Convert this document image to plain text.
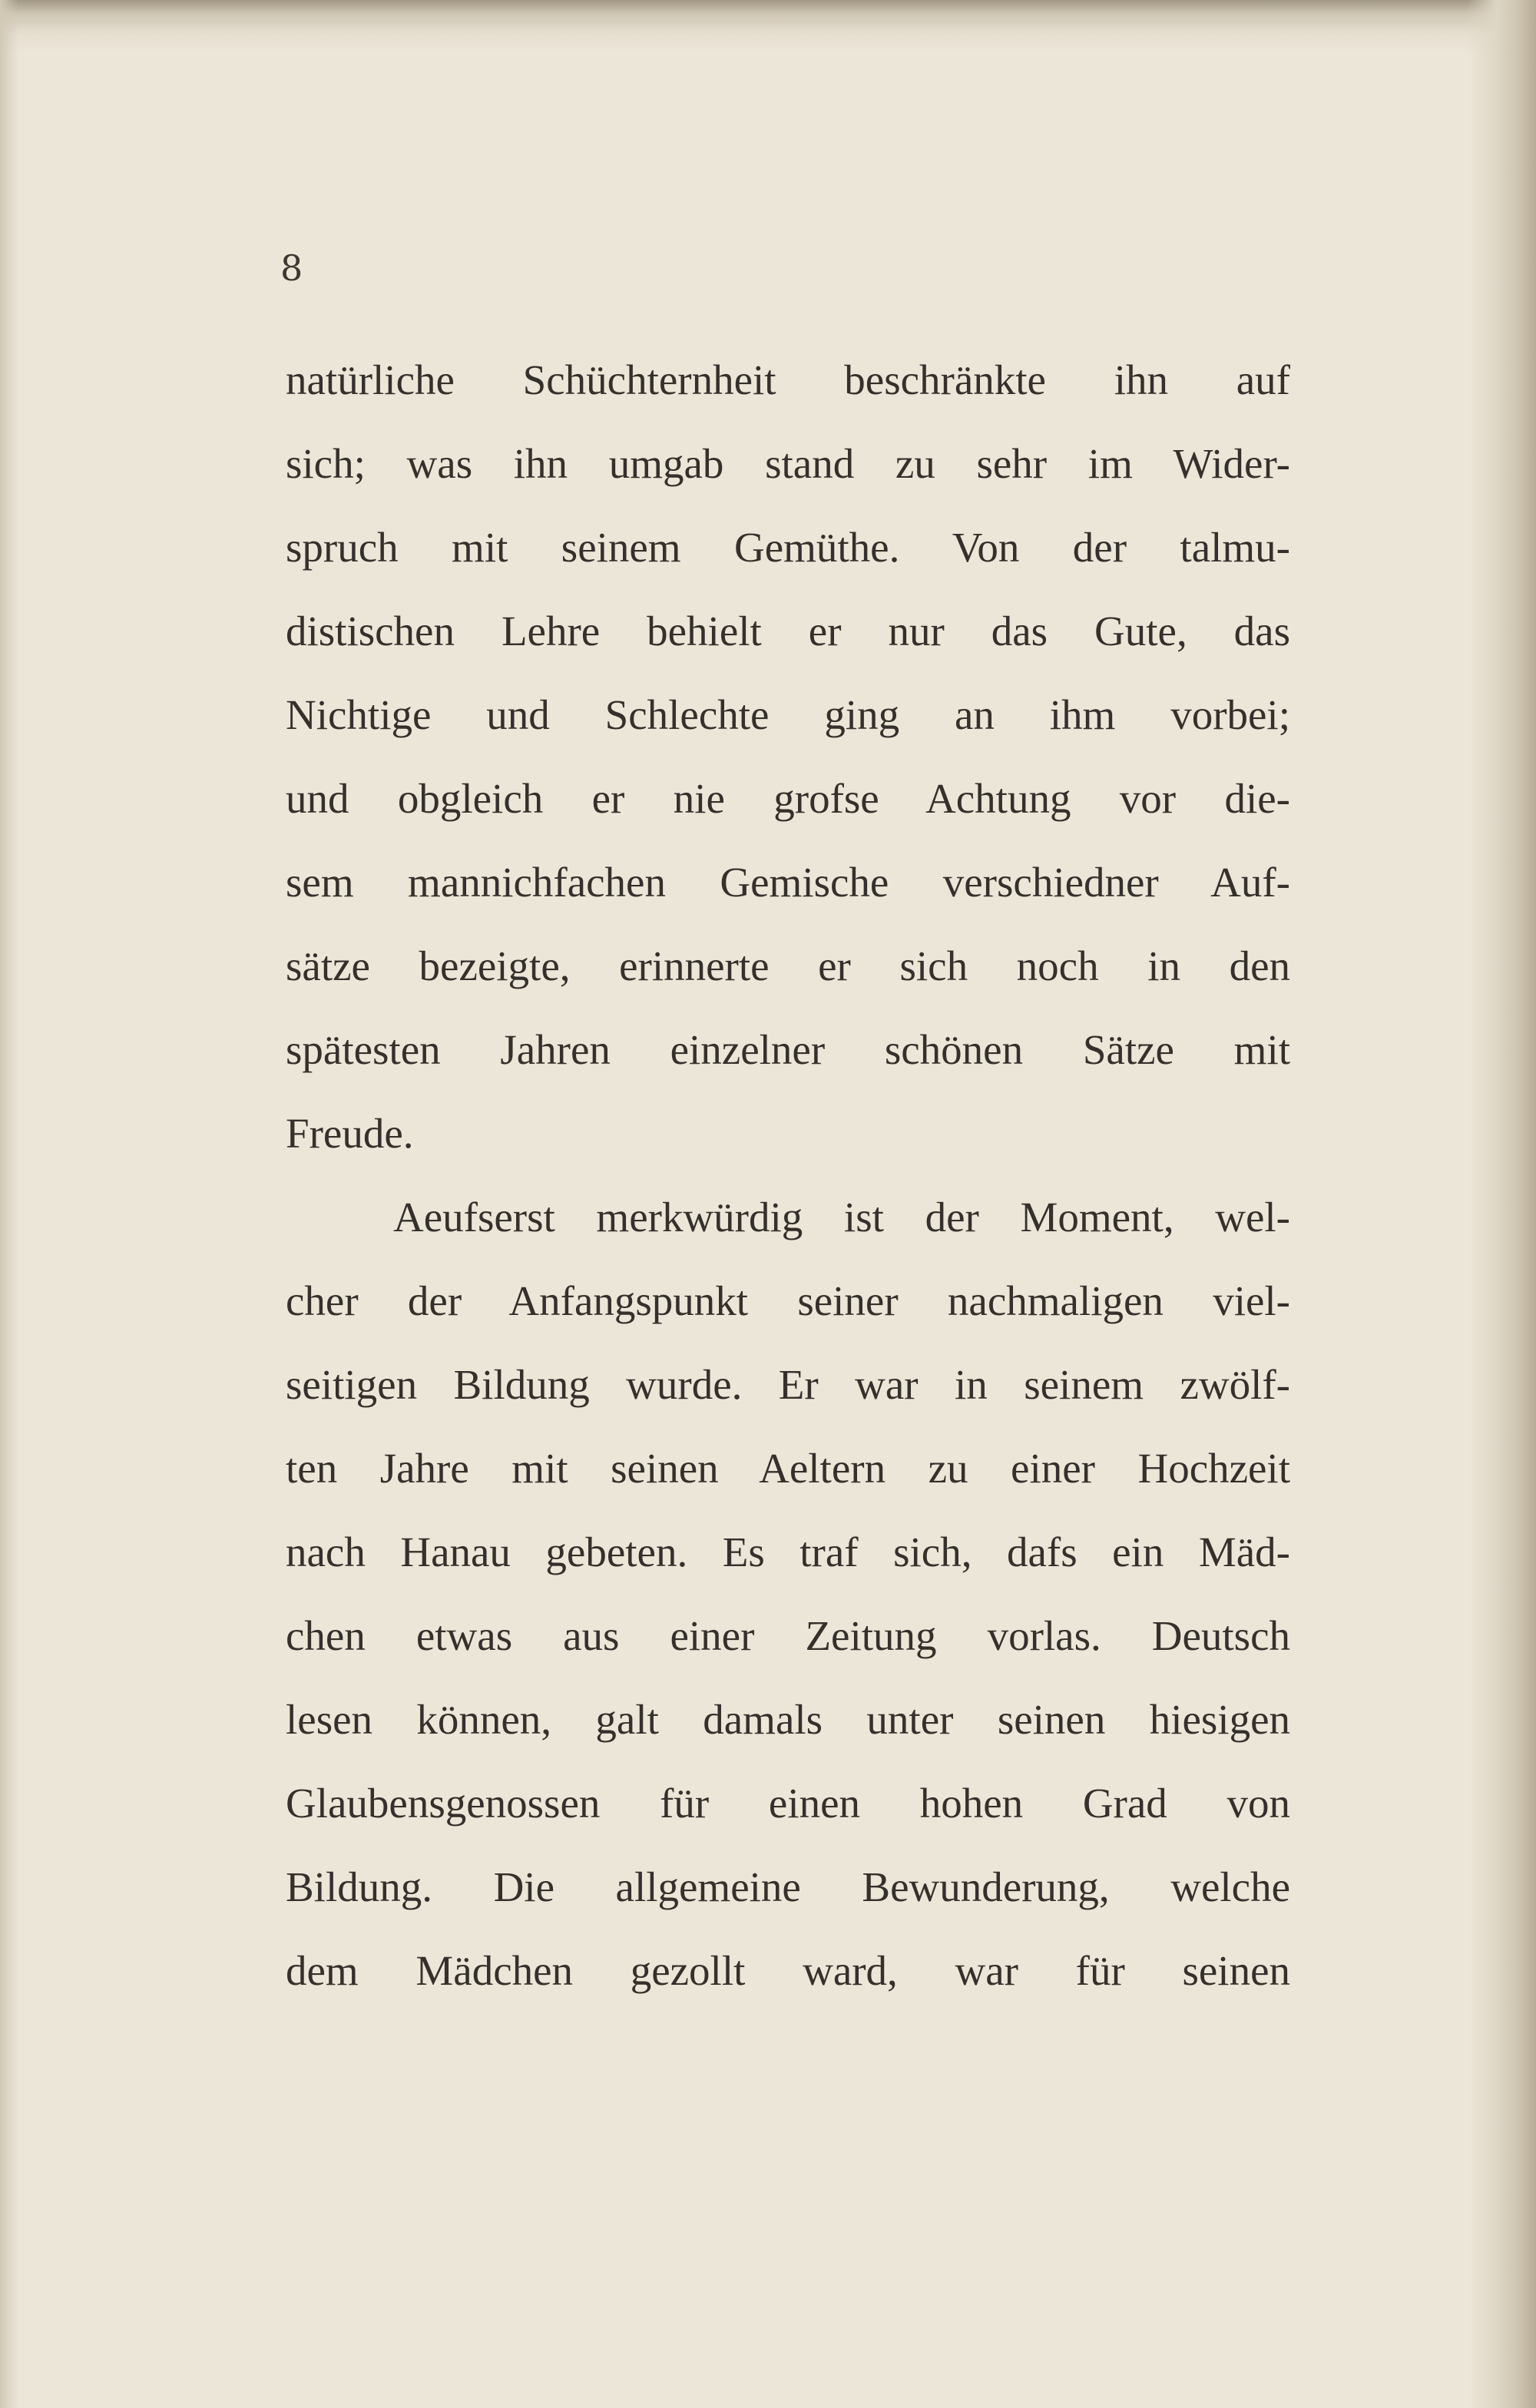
8
natürliche Schüchternheit beschränkte ihn auf
sich; was ihn umgab stand zu sehr im Wider-
spruch mit seinem Gemüthe. Von der talmu-
distischen Lehre behielt er nur das Gute, das
Nichtige und Schlechte ging an ihm vorbei;
und obgleich er nie grofse Achtung vor die-
sem mannichfachen Gemische verschiedner Auf-
sätze bezeigte, erinnerte er sich noch in den
spätesten Jahren einzelner schönen Sätze mit
Freude.
Aeufserst merkwürdig ist der Moment, wel-
cher der Anfangspunkt seiner nachmaligen viel-
seitigen Bildung wurde. Er war in seinem zwölf-
ten Jahre mit seinen Aeltern zu einer Hochzeit
nach Hanau gebeten. Es traf sich, dafs ein Mäd-
chen etwas aus einer Zeitung vorlas. Deutsch
lesen können, galt damals unter seinen hiesigen
Glaubensgenossen für einen hohen Grad von
Bildung. Die allgemeine Bewunderung, welche
dem Mädchen gezollt ward, war für seinen
